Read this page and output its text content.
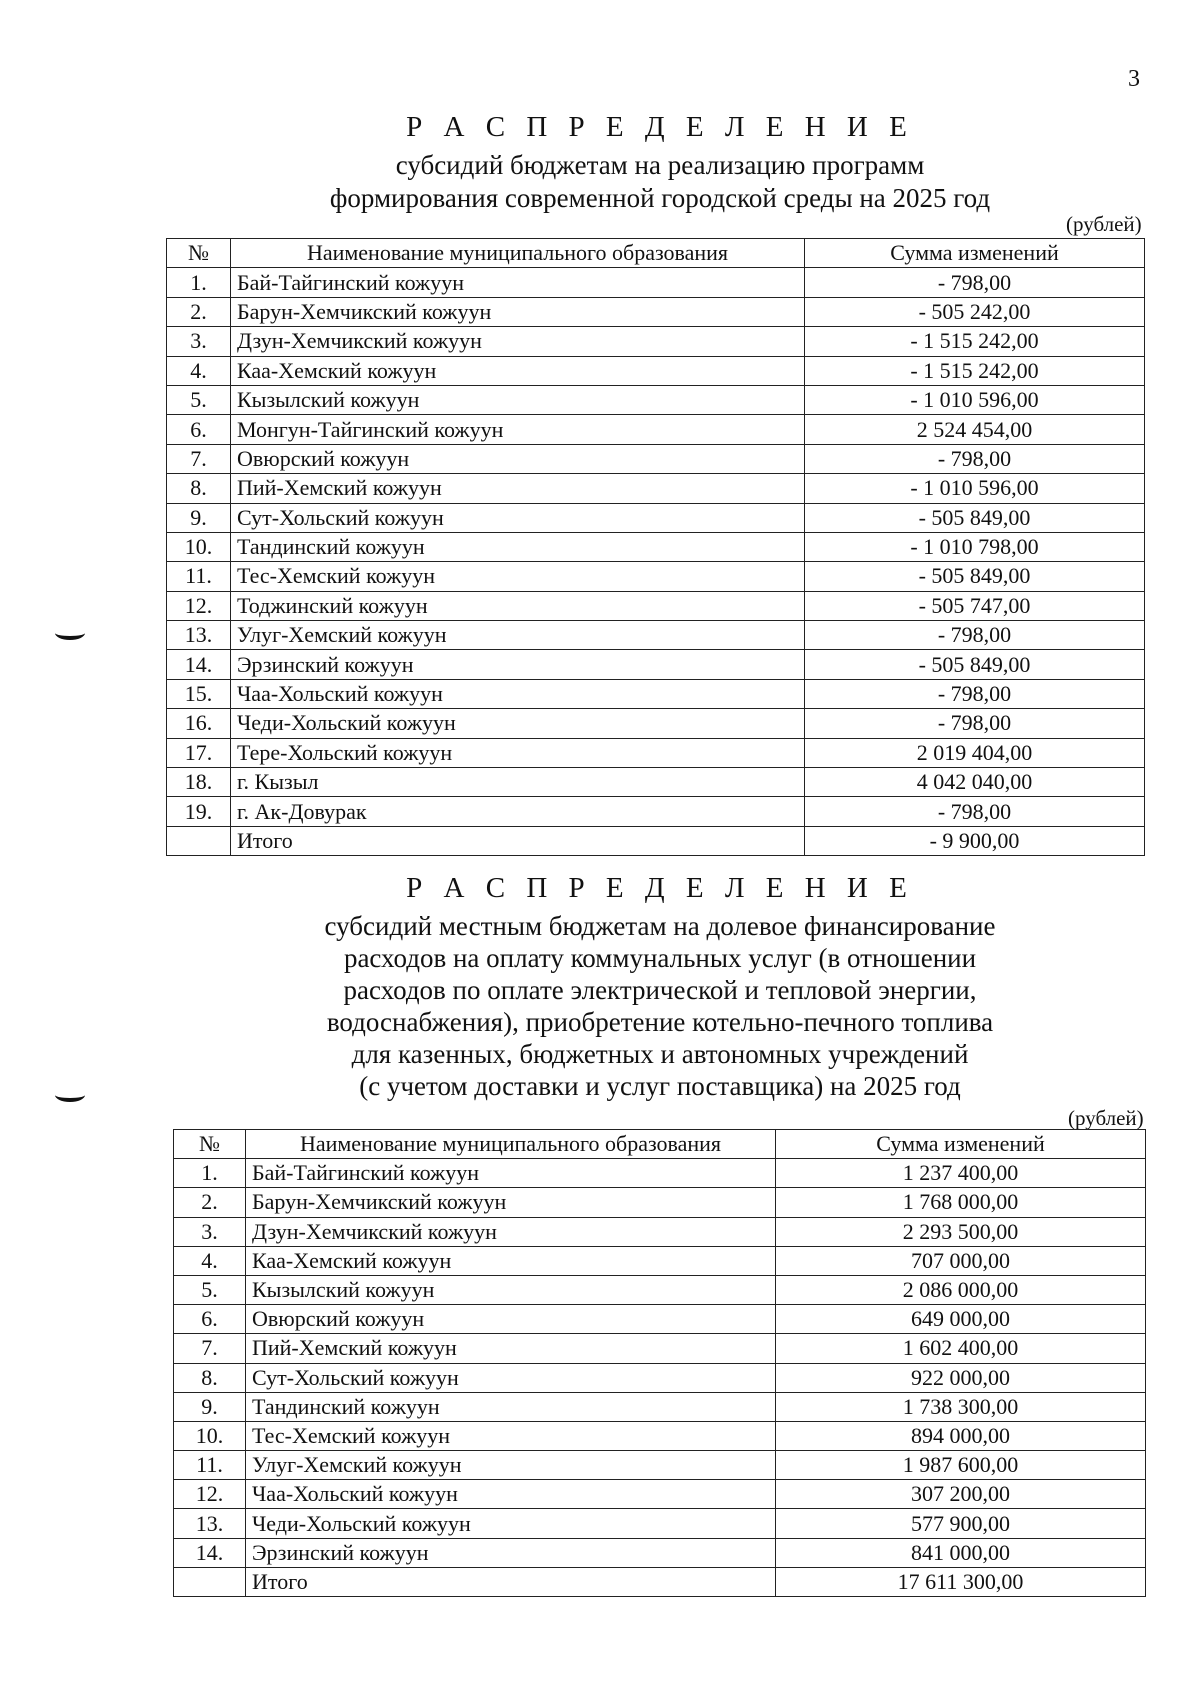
3
Р А С П Р Е Д Е Л Е Н И Е
субсидий бюджетам на реализацию программ
формирования современной городской среды на 2025 год
(рублей)
№	Наименование муниципального образования	Сумма изменений
1.	Бай-Тайгинский кожуун	- 798,00
2.	Барун-Хемчикский кожуун	- 505 242,00
3.	Дзун-Хемчикский кожуун	- 1 515 242,00
4.	Каа-Хемский кожуун	- 1 515 242,00
5.	Кызылский кожуун	- 1 010 596,00
6.	Монгун-Тайгинский кожуун	2 524 454,00
7.	Овюрский кожуун	- 798,00
8.	Пий-Хемский кожуун	- 1 010 596,00
9.	Сут-Хольский кожуун	- 505 849,00
10.	Тандинский кожуун	- 1 010 798,00
11.	Тес-Хемский кожуун	- 505 849,00
12.	Тоджинский кожуун	- 505 747,00
13.	Улуг-Хемский кожуун	- 798,00
14.	Эрзинский кожуун	- 505 849,00
15.	Чаа-Хольский кожуун	- 798,00
16.	Чеди-Хольский кожуун	- 798,00
17.	Тере-Хольский кожуун	2 019 404,00
18.	г. Кызыл	4 042 040,00
19.	г. Ак-Довурак	- 798,00
	Итого	- 9 900,00
Р А С П Р Е Д Е Л Е Н И Е
субсидий местным бюджетам на долевое финансирование
расходов на оплату коммунальных услуг (в отношении
расходов по оплате электрической и тепловой энергии,
водоснабжения), приобретение котельно-печного топлива
для казенных, бюджетных и автономных учреждений
(с учетом доставки и услуг поставщика) на 2025 год
(рублей)
№	Наименование муниципального образования	Сумма изменений
1.	Бай-Тайгинский кожуун	1 237 400,00
2.	Барун-Хемчикский кожуун	1 768 000,00
3.	Дзун-Хемчикский кожуун	2 293 500,00
4.	Каа-Хемский кожуун	707 000,00
5.	Кызылский кожуун	2 086 000,00
6.	Овюрский кожуун	649 000,00
7.	Пий-Хемский кожуун	1 602 400,00
8.	Сут-Хольский кожуун	922 000,00
9.	Тандинский кожуун	1 738 300,00
10.	Тес-Хемский кожуун	894 000,00
11.	Улуг-Хемский кожуун	1 987 600,00
12.	Чаа-Хольский кожуун	307 200,00
13.	Чеди-Хольский кожуун	577 900,00
14.	Эрзинский кожуун	841 000,00
	Итого	17 611 300,00
